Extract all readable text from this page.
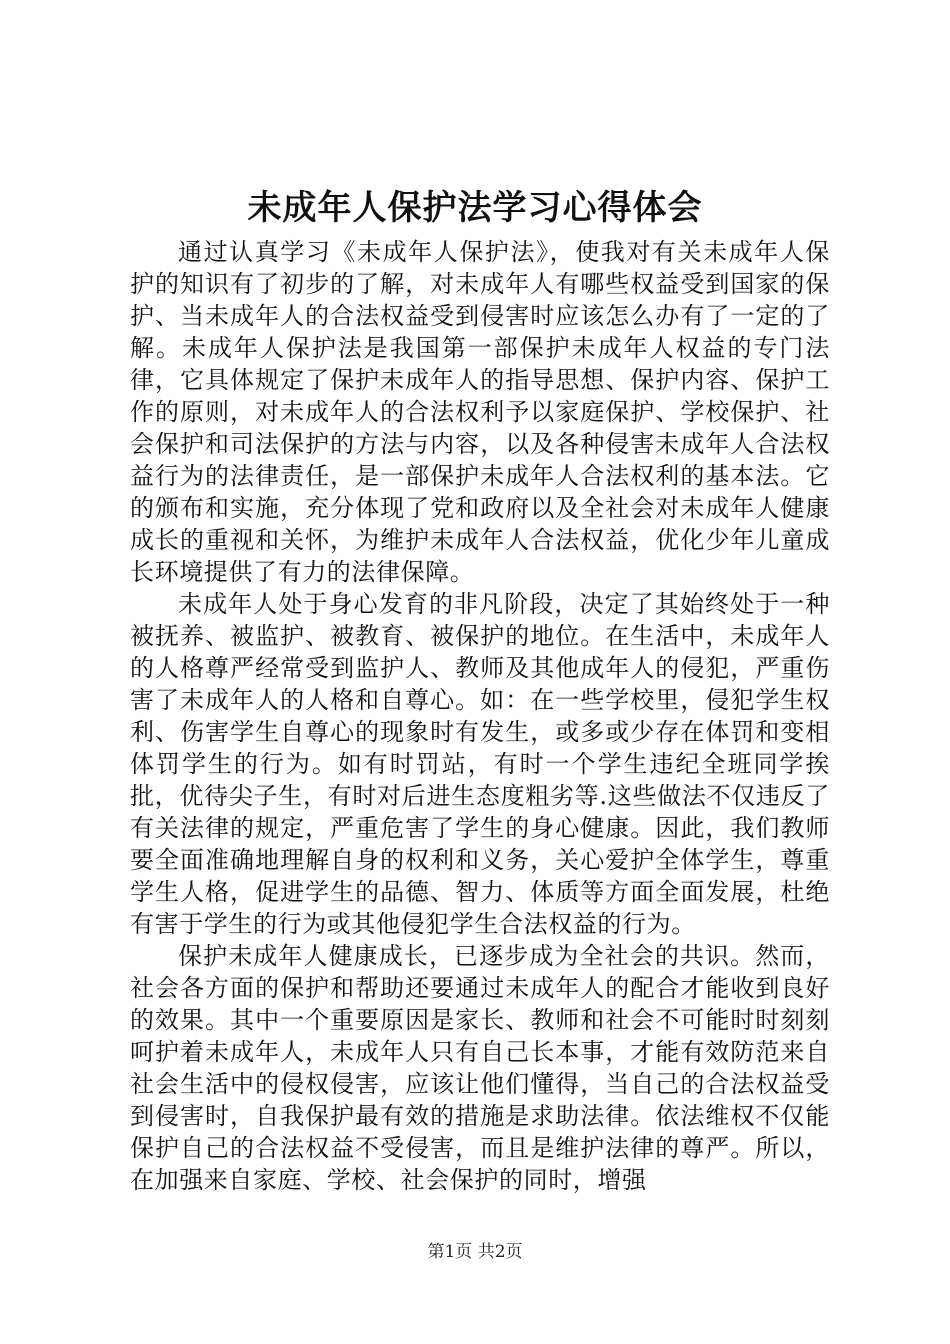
未成年人保护法学习心得体会

通过认真学习《未成年人保护法》，使我对有关未成年人保护的知识有了初步的了解，对未成年人有哪些权益受到国家的保护、当未成年人的合法权益受到侵害时应该怎么办有了一定的了解。未成年人保护法是我国第一部保护未成年人权益的专门法律，它具体规定了保护未成年人的指导思想、保护内容、保护工作的原则，对未成年人的合法权利予以家庭保护、学校保护、社会保护和司法保护的方法与内容，以及各种侵害未成年人合法权益行为的法律责任，是一部保护未成年人合法权利的基本法。它的颁布和实施，充分体现了党和政府以及全社会对未成年人健康成长的重视和关怀，为维护未成年人合法权益，优化少年儿童成长环境提供了有力的法律保障。

未成年人处于身心发育的非凡阶段，决定了其始终处于一种被抚养、被监护、被教育、被保护的地位。在生活中，未成年人的人格尊严经常受到监护人、教师及其他成年人的侵犯，严重伤害了未成年人的人格和自尊心。如：在一些学校里，侵犯学生权利、伤害学生自尊心的现象时有发生，或多或少存在体罚和变相体罚学生的行为。如有时罚站，有时一个学生违纪全班同学挨批，优待尖子生，有时对后进生态度粗劣等.这些做法不仅违反了有关法律的规定，严重危害了学生的身心健康。因此，我们教师要全面准确地理解自身的权利和义务，关心爱护全体学生，尊重学生人格，促进学生的品德、智力、体质等方面全面发展，杜绝有害于学生的行为或其他侵犯学生合法权益的行为。

保护未成年人健康成长，已逐步成为全社会的共识。然而，社会各方面的保护和帮助还要通过未成年人的配合才能收到良好的效果。其中一个重要原因是家长、教师和社会不可能时时刻刻呵护着未成年人，未成年人只有自己长本事，才能有效防范来自社会生活中的侵权侵害，应该让他们懂得，当自己的合法权益受到侵害时，自我保护最有效的措施是求助法律。依法维权不仅能保护自己的合法权益不受侵害，而且是维护法律的尊严。所以，在加强来自家庭、学校、社会保护的同时，增强

第1页 共2页
